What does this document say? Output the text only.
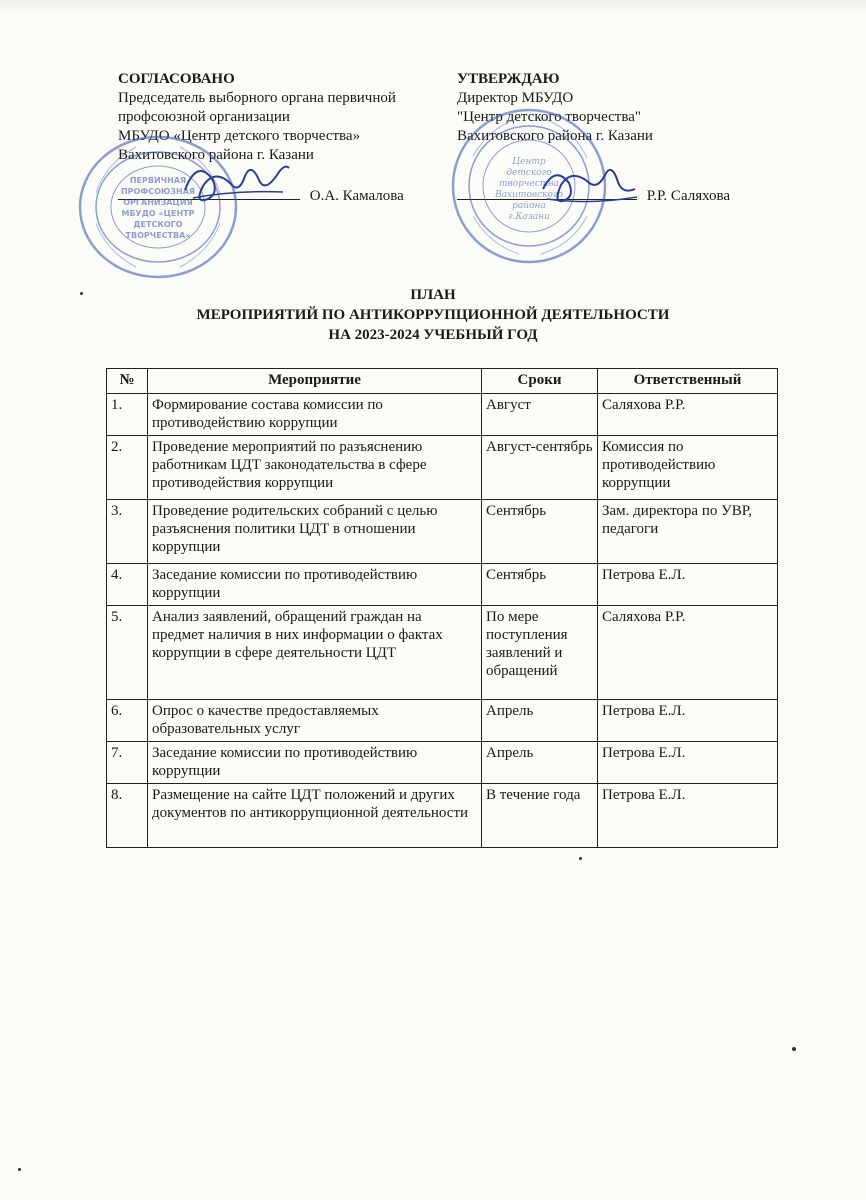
СОГЛАСОВАНО
Председатель выборного органа первичной
профсоюзной организации
МБУДО «Центр детского творчества»
Вахитовского района г. Казани
О.А. Камалова
УТВЕРЖДАЮ
Директор МБУДО
"Центр детского творчества"
Вахитовского района г. Казани
Р.Р. Саляхова
ПЕРВИЧНАЯ
ПРОФСОЮЗНАЯ
ОРГАНИЗАЦИЯ
МБУДО «ЦЕНТР
ДЕТСКОГО
ТВОРЧЕСТВА»
Центр
детского
творчества
Вахитовского
района
г.Казани
ПЛАН
МЕРОПРИЯТИЙ ПО АНТИКОРРУПЦИОННОЙ ДЕЯТЕЛЬНОСТИ
НА 2023-2024 УЧЕБНЫЙ ГОД
№	Мероприятие	Сроки	Ответственный
1.	Формирование состава комиссии по противодействию коррупции	Август	Саляхова Р.Р.
2.	Проведение мероприятий по разъяснению работникам ЦДТ законодательства в сфере противодействия коррупции	Август-сентябрь	Комиссия по противодействию коррупции
3.	Проведение родительских собраний с целью разъяснения политики ЦДТ в отношении коррупции	Сентябрь	Зам. директора по УВР, педагоги
4.	Заседание комиссии по противодействию коррупции	Сентябрь	Петрова Е.Л.
5.	Анализ заявлений, обращений граждан на предмет наличия в них информации о фактах коррупции в сфере деятельности ЦДТ	По мере поступления заявлений и обращений	Саляхова Р.Р.
6.	Опрос о качестве предоставляемых образовательных услуг	Апрель	Петрова Е.Л.
7.	Заседание комиссии по противодействию коррупции	Апрель	Петрова Е.Л.
8.	Размещение на сайте ЦДТ положений и других документов по антикоррупционной деятельности	В течение года	Петрова Е.Л.
